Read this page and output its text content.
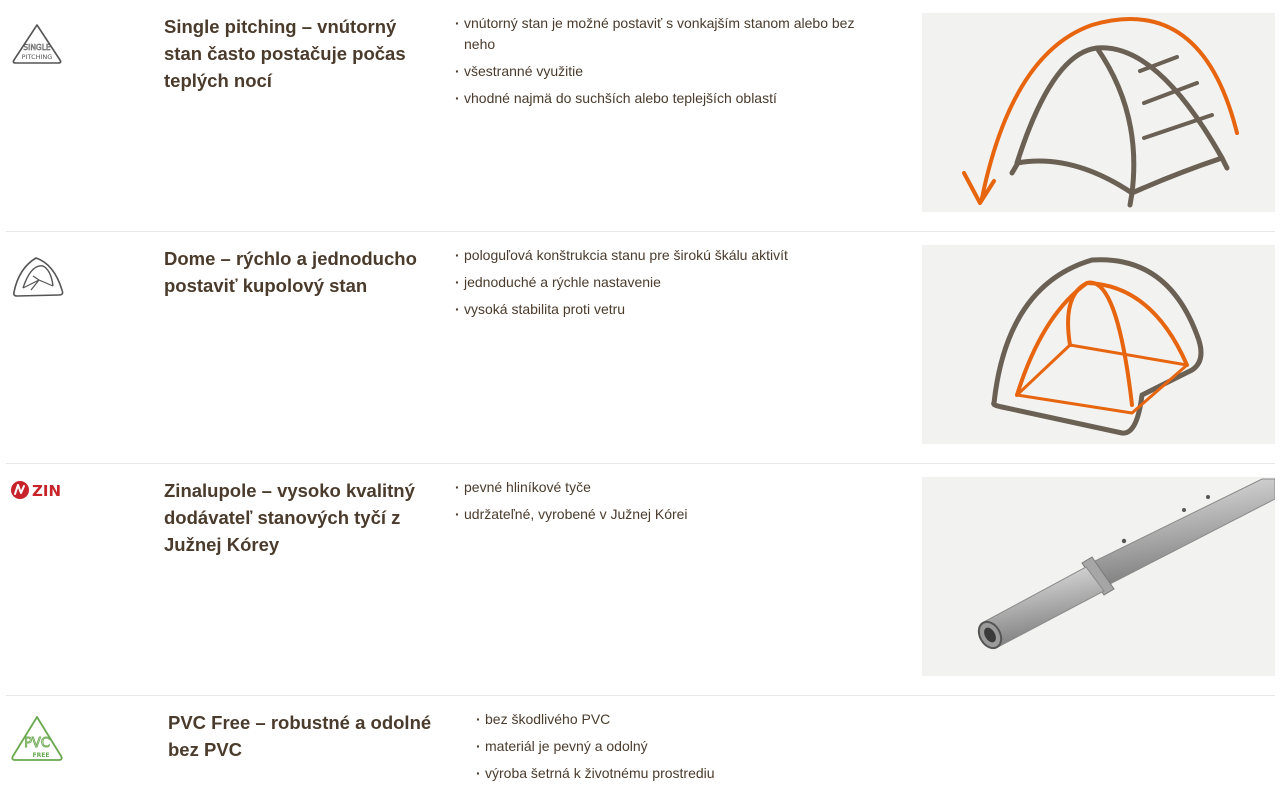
SINGLE
PITCHING
Single pitching – vnútorný stan často postačuje počas teplých nocí
· vnútorný stan je možné postaviť s vonkajším stanom alebo bez neho
· všestranné využitie
· vhodné najmä do suchších alebo teplejších oblastí
Dome – rýchlo a jednoducho postaviť kupolový stan
· pologuľová konštrukcia stanu pre širokú škálu aktivít
· jednoduché a rýchle nastavenie
· vysoká stabilita proti vetru
ZIN	Zinalupole – vysoko kvalitný dodávateľ stanových tyčí z Južnej Kórey
· pevné hliníkové tyče
· udržateľné, vyrobené v Južnej Kórei
PVC
FREE
PVC Free – robustné a odolné bez PVC
· bez škodlivého PVC
· materiál je pevný a odolný
· výroba šetrná k životnému prostrediu
